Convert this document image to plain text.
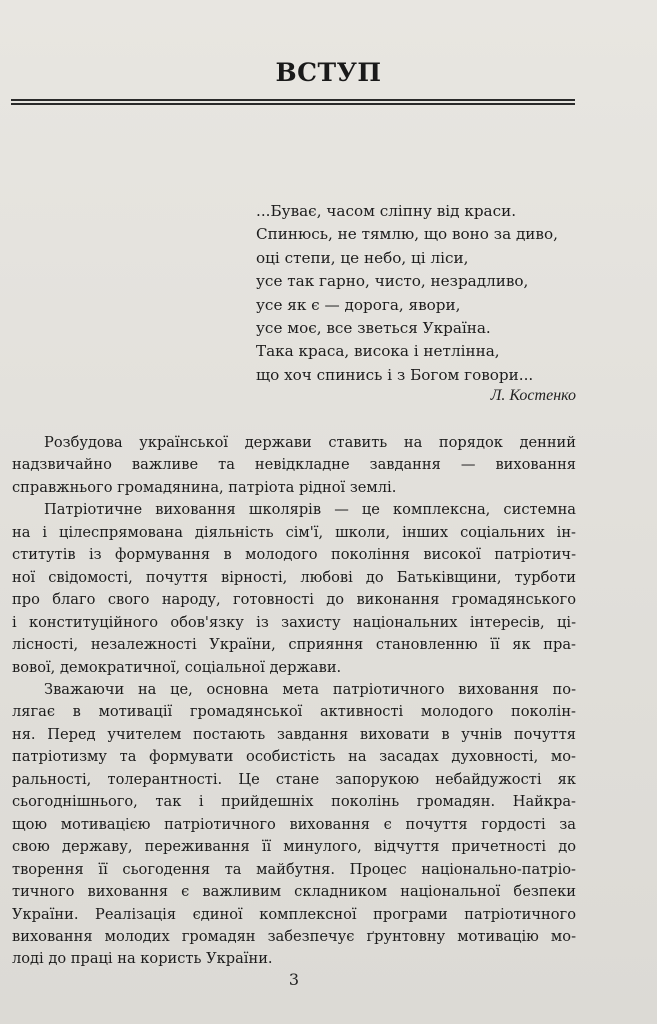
ВСТУП
...Буває, часом сліпну від краси.
Спинюсь, не тямлю, що воно за диво,
оці степи, це небо, ці ліси,
усе так гарно, чисто, незрадливо,
усе як є — дорога, явори,
усе моє, все зветься Україна.
Така краса, висока і нетлінна,
що хоч спинись і з Богом говори...
Л. Костенко
Розбудова української держави ставить на порядок денний
надзвичайно важливе та невідкладне завдання — виховання
справжнього громадянина, патріота рідної землі.
Патріотичне виховання школярів — це комплексна, системна
на і цілеспрямована діяльність сім'ї, школи, інших соціальних ін-
ститутів із формування в молодого покоління високої патріотич-
ної свідомості, почуття вірності, любові до Батьківщини, турботи
про благо свого народу, готовності до виконання громадянського
і конституційного обов'язку із захисту національних інтересів, ці-
лісності, незалежності України, сприяння становленню її як пра-
вової, демократичної, соціальної держави.
Зважаючи на це, основна мета патріотичного виховання по-
лягає в мотивації громадянської активності молодого поколін-
ня. Перед учителем постають завдання виховати в учнів почуття
патріотизму та формувати особистість на засадах духовності, мо-
ральності, толерантності. Це стане запорукою небайдужості як
сьогоднішнього, так і прийдешніх поколінь громадян. Найкра-
щою мотивацією патріотичного виховання є почуття гордості за
свою державу, переживання її минулого, відчуття причетності до
творення її сьогодення та майбутня. Процес національно-патріо-
тичного виховання є важливим складником національної безпеки
України. Реалізація єдиної комплексної програми патріотичного
виховання молодих громадян забезпечує ґрунтовну мотивацію мо-
лоді до праці на користь України.
3
